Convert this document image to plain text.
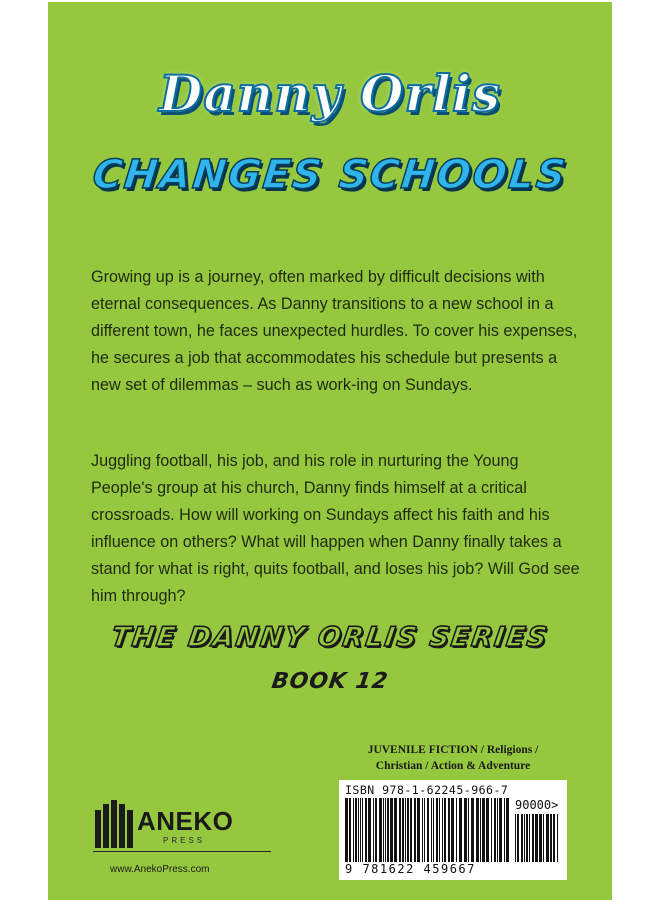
Danny Orlis
CHANGES SCHOOLS

Growing up is a journey, often marked by difficult decisions with eternal consequences. As Danny transitions to a new school in a different town, he faces unexpected hurdles. To cover his expenses, he secures a job that accommodates his schedule but presents a new set of dilemmas – such as work-ing on Sundays.

Juggling football, his job, and his role in nurturing the Young People's group at his church, Danny finds himself at a critical crossroads. How will working on Sundays affect his faith and his influence on others? What will happen when Danny finally takes a stand for what is right, quits football, and loses his job? Will God see him through?

THE DANNY ORLIS SERIES
BOOK 12
JUVENILE FICTION / Religions /
Christian / Action & Adventure
ISBN 978-1-62245-966-7
90000>
9 781622 459667
ANEKO
PRESS
www.AnekoPress.com
